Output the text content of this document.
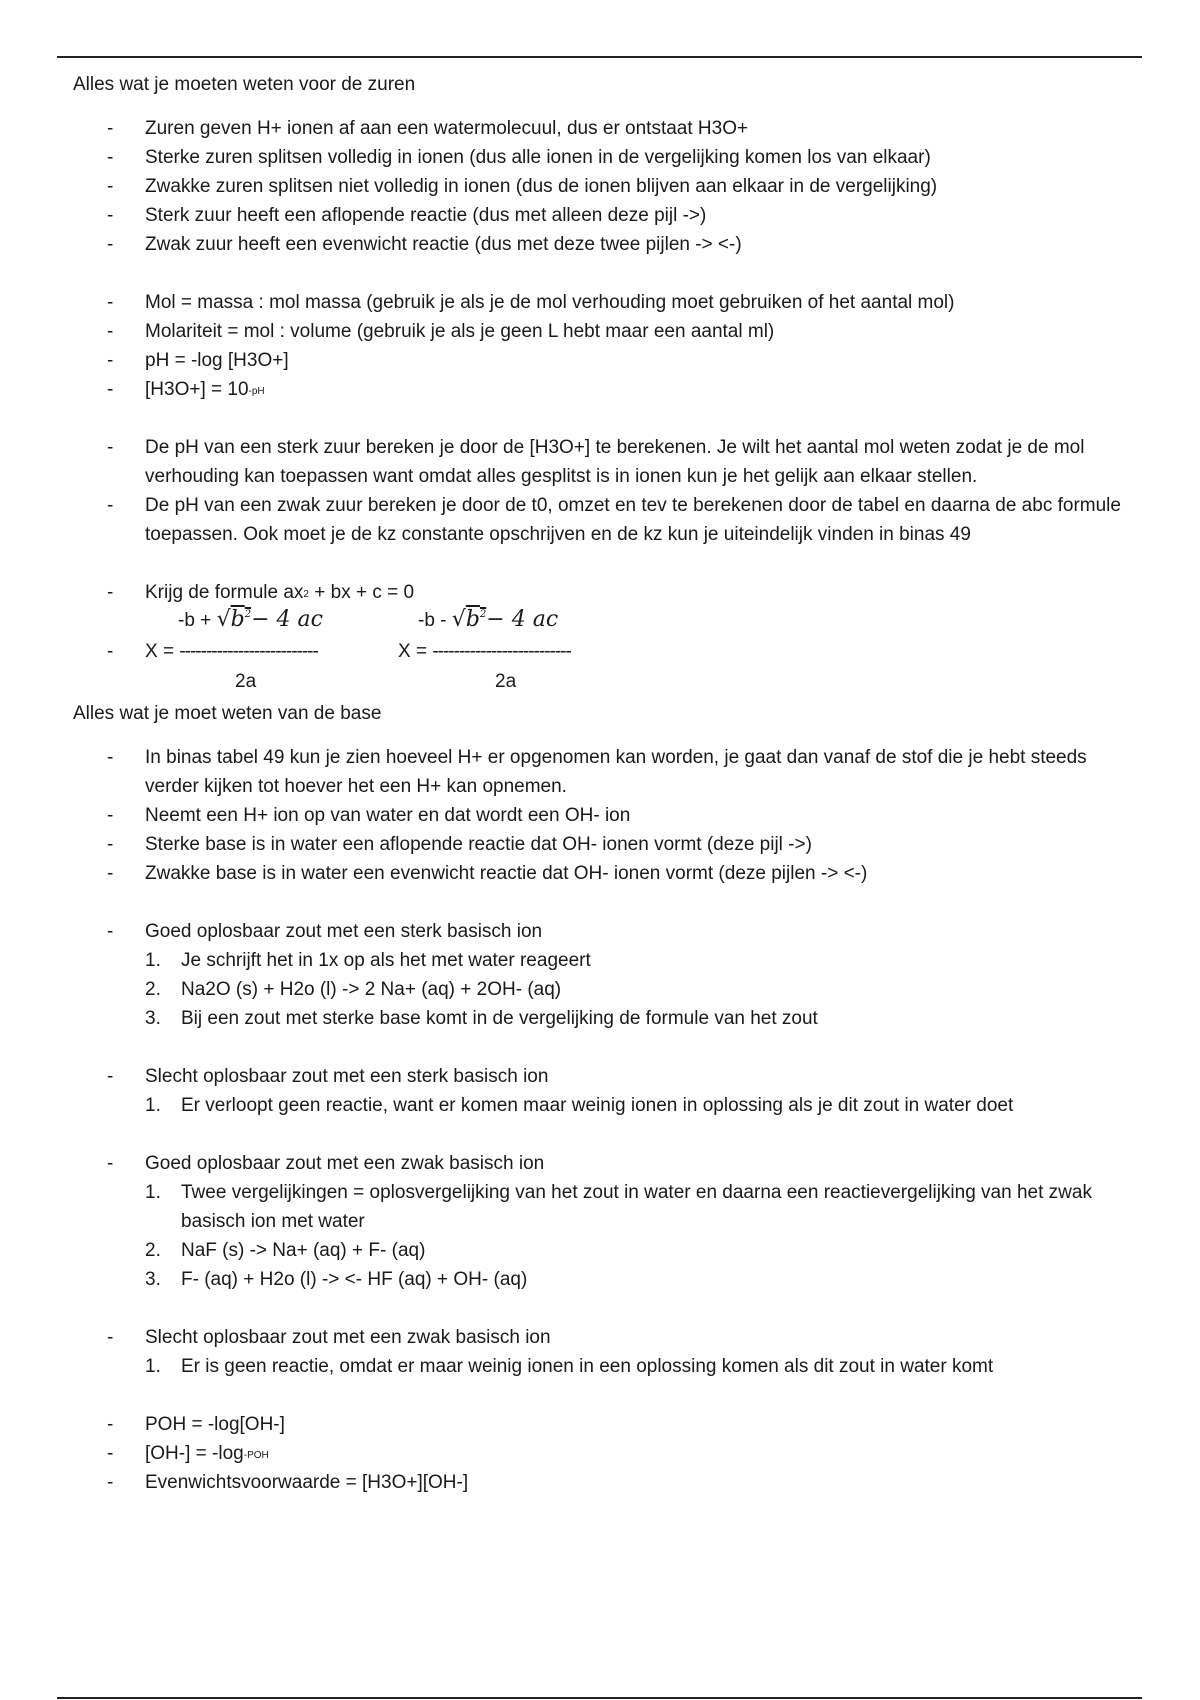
Alles wat je moeten weten voor de zuren
- Zuren geven H+ ionen af aan een watermolecuul, dus er ontstaat H3O+
- Sterke zuren splitsen volledig in ionen (dus alle ionen in de vergelijking komen los van elkaar)
- Zwakke zuren splitsen niet volledig in ionen (dus de ionen blijven aan elkaar in de vergelijking)
- Sterk zuur heeft een aflopende reactie (dus met alleen deze pijl ->)
- Zwak zuur heeft een evenwicht reactie (dus met deze twee pijlen -> <-)
- Mol = massa : mol massa (gebruik je als je de mol verhouding moet gebruiken of het aantal mol)
- Molariteit = mol : volume (gebruik je als je geen L hebt maar een aantal ml)
- pH = -log [H3O+]
- $[H3O+] = 10^{-pH}$
- De pH van een sterk zuur bereken je door de [H3O+] te berekenen. Je wilt het aantal mol weten zodat je de mol verhouding kan toepassen want omdat alles gesplitst is in ionen kun je het gelijk aan elkaar stellen.
- De pH van een zwak zuur bereken je door de t0, omzet en tev te berekenen door de tabel en daarna de abc formule toepassen. Ook moet je de kz constante opschrijven en de kz kun je uiteindelijk vinden in binas 49
- Krijg de formule $ax^2$ + bx + c = 0
$-b + √b^2- 4$ ac
- X = --------------------------
2a
$-b - √b^2- 4$ ac
X = --------------------------
2a
Alles wat je moet weten van de base
- In binas tabel 49 kun je zien hoeveel H+ er opgenomen kan worden, je gaat dan vanaf de stof die je hebt steeds verder kijken tot hoever het een H+ kan opnemen.
- Neemt een H+ ion op van water en dat wordt een OH- ion
- Sterke base is in water een aflopende reactie dat OH- ionen vormt (deze pijl ->)
- Zwakke base is in water een evenwicht reactie dat OH- ionen vormt (deze pijlen -> <-)
- Goed oplosbaar zout met een sterk basisch ion
1. Je schrijft het in 1x op als het met water reageert
2. Na2O (s) + H2o (l) -> 2 Na+ (aq) + 2OH- (aq)
3. Bij een zout met sterke base komt in de vergelijking de formule van het zout
- Slecht oplosbaar zout met een sterk basisch ion
1. Er verloopt geen reactie, want er komen maar weinig ionen in oplossing als je dit zout in water doet
- Goed oplosbaar zout met een zwak basisch ion
1. Twee vergelijkingen = oplosvergelijking van het zout in water en daarna een reactievergelijking van het zwak basisch ion met water
2. NaF (s) -> Na+ (aq) + F- (aq)
3. F- (aq) + H2o (l) -> <- HF (aq) + OH- (aq)
- Slecht oplosbaar zout met een zwak basisch ion
1. Er is geen reactie, omdat er maar weinig ionen in een oplossing komen als dit zout in water komt
- POH = -log[OH-]
- $[OH-] = -\log^{-POH}$
- Evenwichtsvoorwaarde = [H3O+][OH-]
